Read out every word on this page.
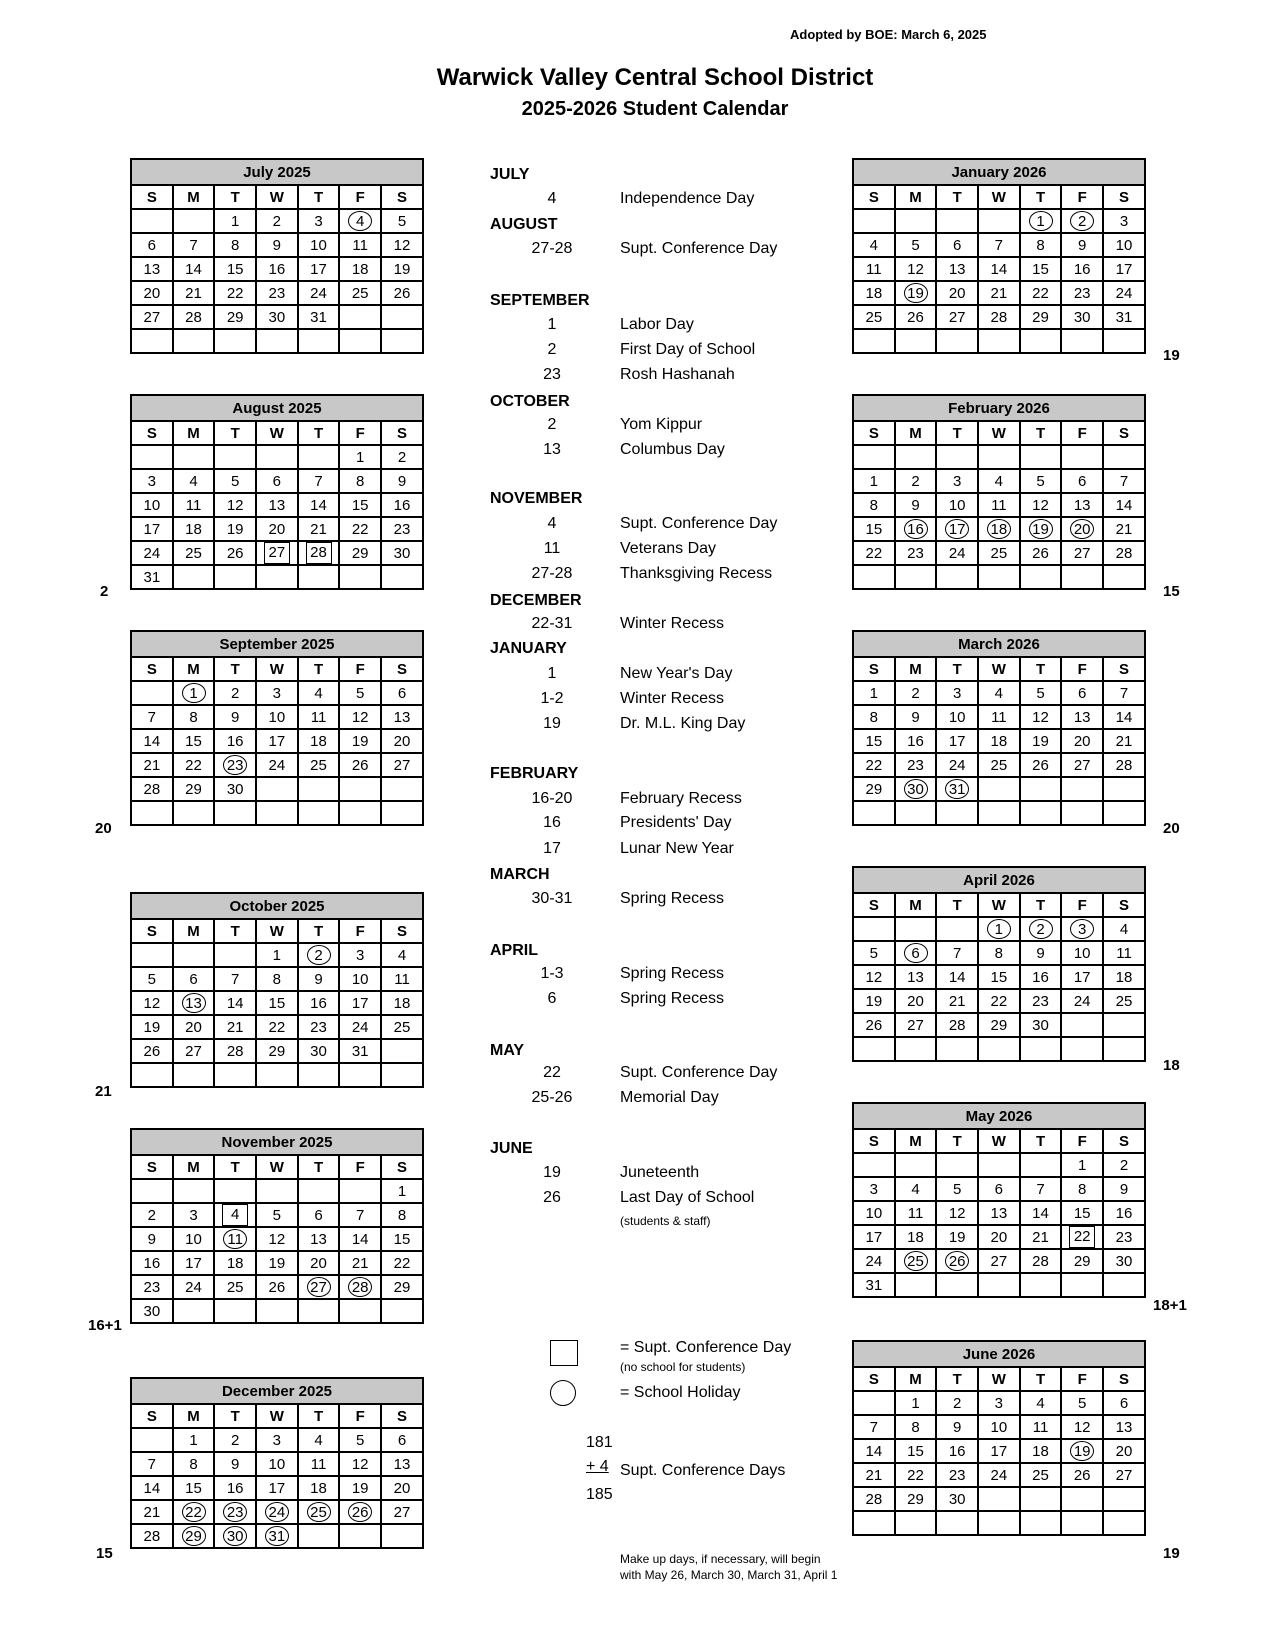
Adopted by BOE: March 6, 2025
Warwick Valley Central School District
2025-2026 Student Calendar
July 2025						
S	M	T	W	T	F	S
		1	2	3	4	5
6	7	8	9	10	11	12
13	14	15	16	17	18	19
20	21	22	23	24	25	26
27	28	29	30	31		

August 2025						
S	M	T	W	T	F	S
					1	2
3	4	5	6	7	8	9
10	11	12	13	14	15	16
17	18	19	20	21	22	23
24	25	26	27	28	29	30
31						
2
September 2025						
S	M	T	W	T	F	S
	1	2	3	4	5	6
7	8	9	10	11	12	13
14	15	16	17	18	19	20
21	22	23	24	25	26	27
28	29	30				

20
October 2025						
S	M	T	W	T	F	S
			1	2	3	4
5	6	7	8	9	10	11
12	13	14	15	16	17	18
19	20	21	22	23	24	25
26	27	28	29	30	31	

21
November 2025						
S	M	T	W	T	F	S
						1
2	3	4	5	6	7	8
9	10	11	12	13	14	15
16	17	18	19	20	21	22
23	24	25	26	27	28	29
30						
16+1
December 2025						
S	M	T	W	T	F	S
	1	2	3	4	5	6
7	8	9	10	11	12	13
14	15	16	17	18	19	20
21	22	23	24	25	26	27
28	29	30	31			
15
January 2026						
S	M	T	W	T	F	S
				1	2	3
4	5	6	7	8	9	10
11	12	13	14	15	16	17
18	19	20	21	22	23	24
25	26	27	28	29	30	31

19
February 2026						
S	M	T	W	T	F	S

1	2	3	4	5	6	7
8	9	10	11	12	13	14
15	16	17	18	19	20	21
22	23	24	25	26	27	28

15
March 2026						
S	M	T	W	T	F	S
1	2	3	4	5	6	7
8	9	10	11	12	13	14
15	16	17	18	19	20	21
22	23	24	25	26	27	28
29	30	31				

20
April 2026						
S	M	T	W	T	F	S
			1	2	3	4
5	6	7	8	9	10	11
12	13	14	15	16	17	18
19	20	21	22	23	24	25
26	27	28	29	30		

18
May 2026						
S	M	T	W	T	F	S
					1	2
3	4	5	6	7	8	9
10	11	12	13	14	15	16
17	18	19	20	21	22	23
24	25	26	27	28	29	30
31						
18+1
June 2026						
S	M	T	W	T	F	S
	1	2	3	4	5	6
7	8	9	10	11	12	13
14	15	16	17	18	19	20
21	22	23	24	25	26	27
28	29	30				

19
JULY
4	Independence Day
AUGUST
27-28	Supt. Conference Day
SEPTEMBER
1	Labor Day
2	First Day of School
23	Rosh Hashanah
OCTOBER
2	Yom Kippur
13	Columbus Day
NOVEMBER
4	Supt. Conference Day
11	Veterans Day
27-28	Thanksgiving Recess
DECEMBER
22-31	Winter Recess
JANUARY
1	New Year's Day
1-2	Winter Recess
19	Dr. M.L. King Day
FEBRUARY
16-20	February Recess
16	Presidents' Day
17	Lunar New Year
MARCH
30-31	Spring Recess
APRIL
1-3	Spring Recess
6	Spring Recess
MAY
22	Supt. Conference Day
25-26	Memorial Day
JUNE
19	Juneteenth
26	Last Day of School
(students & staff)
= Supt. Conference Day
(no school for students)
= School Holiday
181
+ 4 Supt. Conference Days
185
Make up days, if necessary, will begin
with May 26, March 30, March 31, April 1
